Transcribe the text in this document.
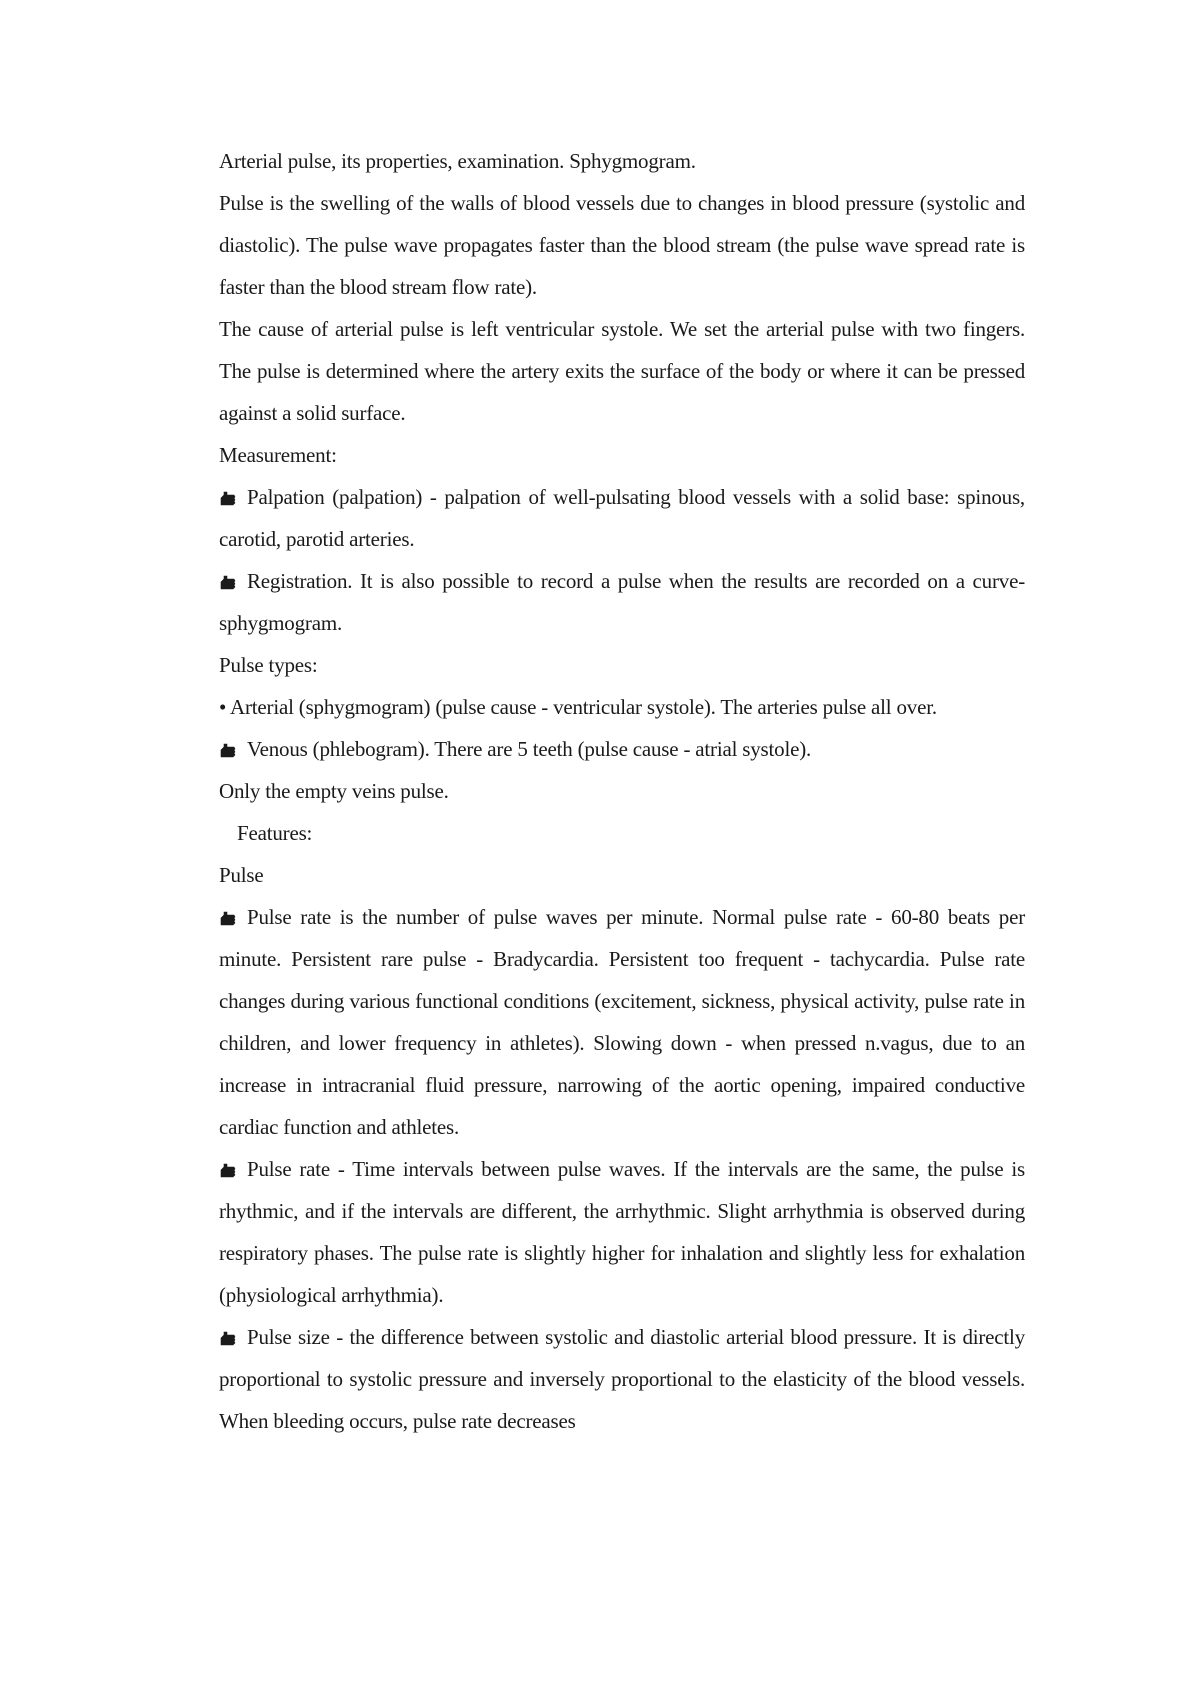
Arterial pulse, its properties, examination. Sphygmogram.

Pulse is the swelling of the walls of blood vessels due to changes in blood pressure (systolic and diastolic). The pulse wave propagates faster than the blood stream (the pulse wave spread rate is faster than the blood stream flow rate).

The cause of arterial pulse is left ventricular systole. We set the arterial pulse with two fingers. The pulse is determined where the artery exits the surface of the body or where it can be pressed against a solid surface.

Measurement:

Palpation (palpation) - palpation of well-pulsating blood vessels with a solid base: spinous, carotid, parotid arteries.

Registration. It is also possible to record a pulse when the results are recorded on a curve-sphygmogram.

Pulse types:

• Arterial (sphygmogram) (pulse cause - ventricular systole). The arteries pulse all over.

Venous (phlebogram). There are 5 teeth (pulse cause - atrial systole).

Only the empty veins pulse.

Features:

Pulse

Pulse rate is the number of pulse waves per minute. Normal pulse rate - 60-80 beats per minute. Persistent rare pulse - Bradycardia. Persistent too frequent - tachycardia. Pulse rate changes during various functional conditions (excitement, sickness, physical activity, pulse rate in children, and lower frequency in athletes). Slowing down - when pressed n.vagus, due to an increase in intracranial fluid pressure, narrowing of the aortic opening, impaired conductive cardiac function and athletes.

Pulse rate - Time intervals between pulse waves. If the intervals are the same, the pulse is rhythmic, and if the intervals are different, the arrhythmic. Slight arrhythmia is observed during respiratory phases. The pulse rate is slightly higher for inhalation and slightly less for exhalation (physiological arrhythmia).

Pulse size - the difference between systolic and diastolic arterial blood pressure. It is directly proportional to systolic pressure and inversely proportional to the elasticity of the blood vessels. When bleeding occurs, pulse rate decreases
